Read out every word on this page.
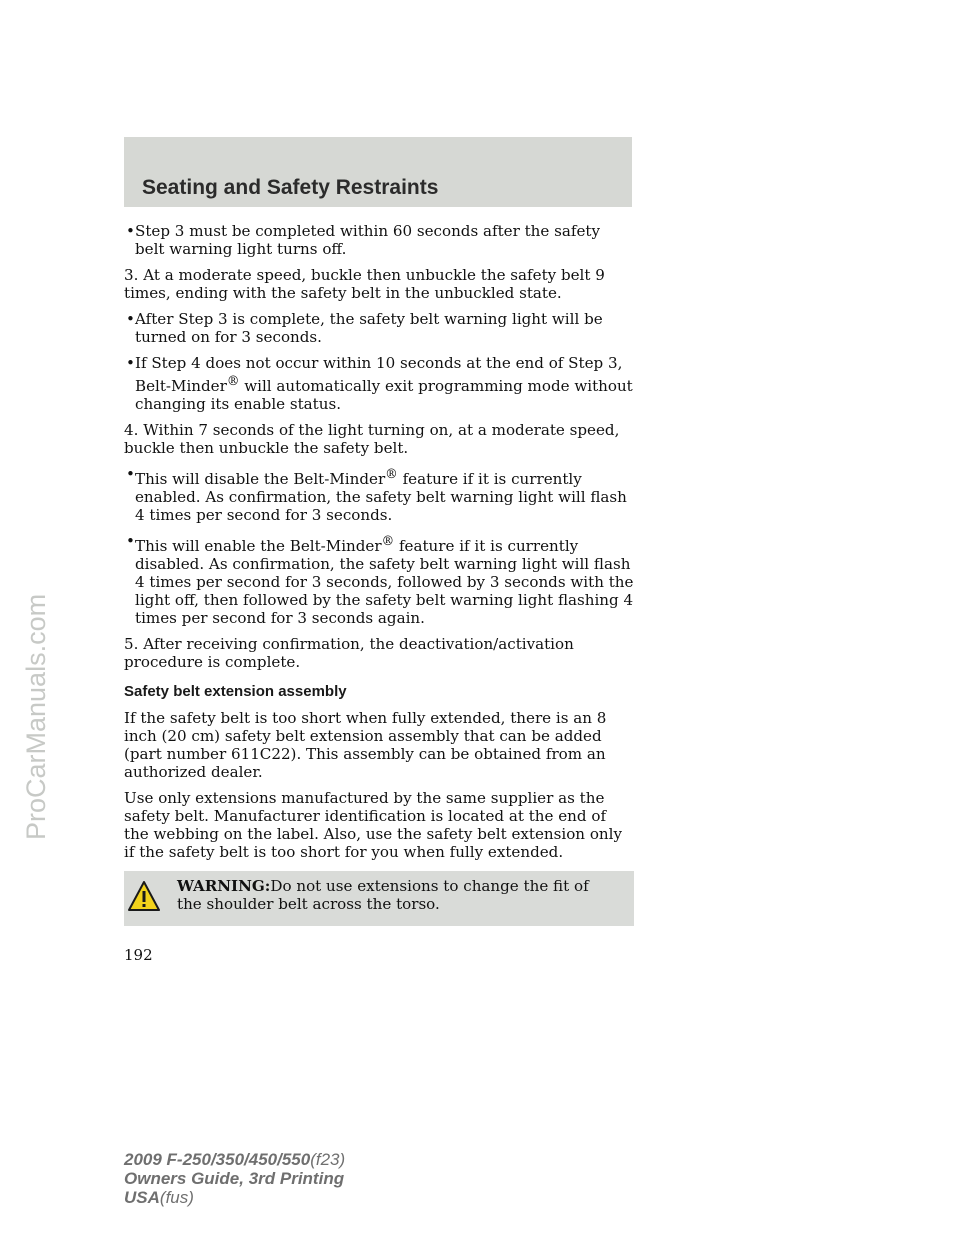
Seating and Safety Restraints
ProCarManuals.com
• Step 3 must be completed within 60 seconds after the safety belt warning light turns off.

3. At a moderate speed, buckle then unbuckle the safety belt 9 times, ending with the safety belt in the unbuckled state.

• After Step 3 is complete, the safety belt warning light will be turned on for 3 seconds.
• If Step 4 does not occur within 10 seconds at the end of Step 3, Belt-Minder® will automatically exit programming mode without changing its enable status.

4. Within 7 seconds of the light turning on, at a moderate speed, buckle then unbuckle the safety belt.

• This will disable the Belt-Minder® feature if it is currently enabled. As confirmation, the safety belt warning light will flash 4 times per second for 3 seconds.
• This will enable the Belt-Minder® feature if it is currently disabled. As confirmation, the safety belt warning light will flash 4 times per second for 3 seconds, followed by 3 seconds with the light off, then followed by the safety belt warning light flashing 4 times per second for 3 seconds again.

5. After receiving confirmation, the deactivation/activation procedure is complete.

Safety belt extension assembly

If the safety belt is too short when fully extended, there is an 8 inch (20 cm) safety belt extension assembly that can be added (part number 611C22). This assembly can be obtained from an authorized dealer.

Use only extensions manufactured by the same supplier as the safety belt. Manufacturer identification is located at the end of the webbing on the label. Also, use the safety belt extension only if the safety belt is too short for you when fully extended.

WARNING:Do not use extensions to change the fit of the shoulder belt across the torso.
192
2009 F-250/350/450/550(f23)
Owners Guide, 3rd Printing
USA(fus)
